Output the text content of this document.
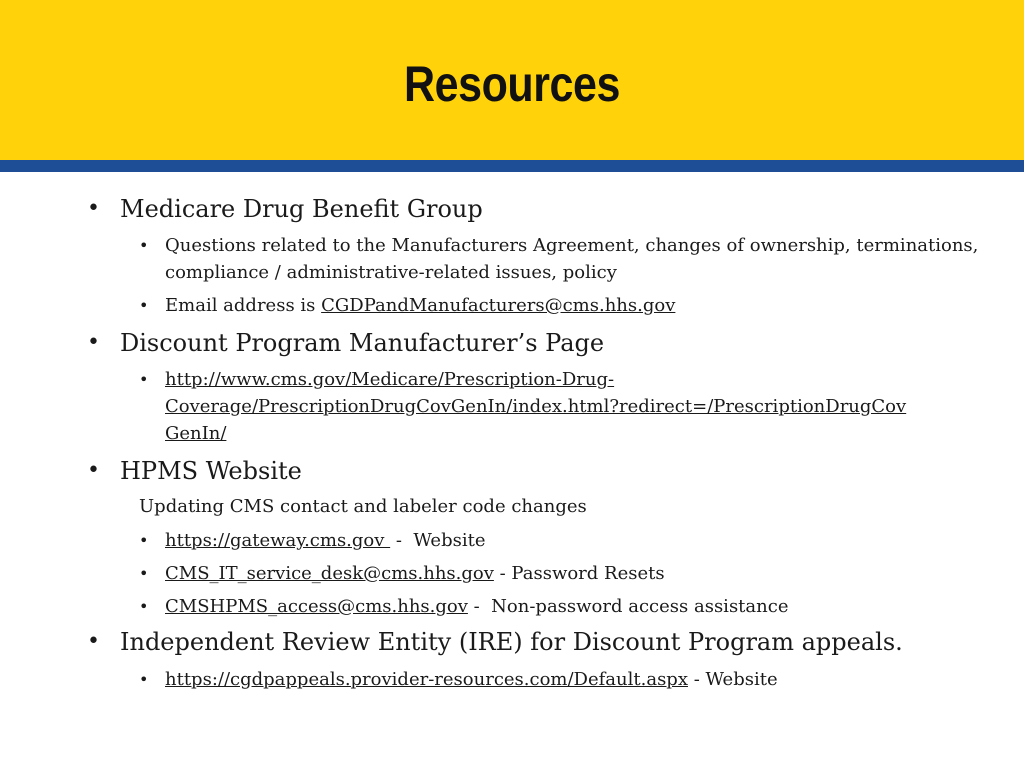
Resources
• Medicare Drug Benefit Group
• Questions related to the Manufacturers Agreement, changes of ownership, terminations, compliance / administrative-related issues, policy
• Email address is CGDPandManufacturers@cms.hhs.gov
• Discount Program Manufacturer’s Page
• http://www.cms.gov/Medicare/Prescription-Drug-
Coverage/PrescriptionDrugCovGenIn/index.html?redirect=/PrescriptionDrugCov
GenIn/
• HPMS Website
Updating CMS contact and labeler code changes
• https://gateway.cms.gov  -  Website
• CMS_IT_service_desk@cms.hhs.gov - Password Resets
• CMSHPMS_access@cms.hhs.gov -  Non-password access assistance
• Independent Review Entity (IRE) for Discount Program appeals.
• https://cgdpappeals.provider-resources.com/Default.aspx - Website
